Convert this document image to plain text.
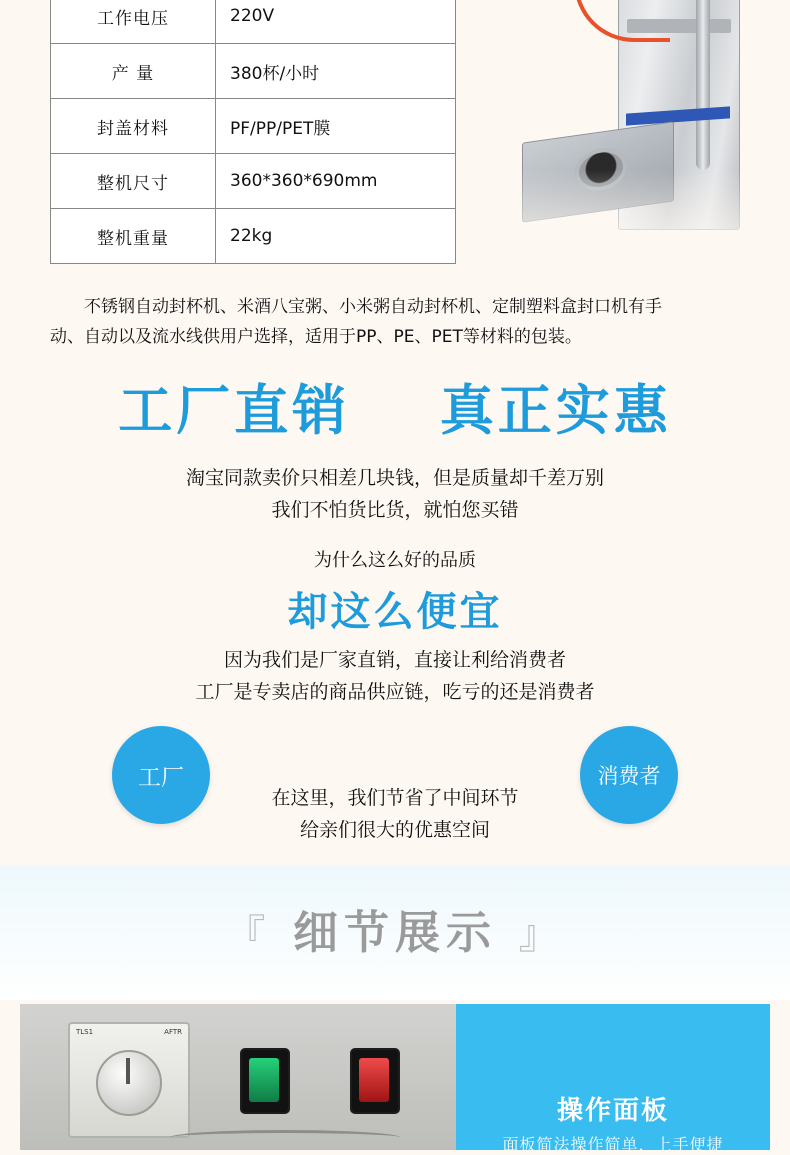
工作电压	220V
产 量	380杯/小时
封盖材料	PF/PP/PET膜
整机尺寸	360*360*690mm
整机重量	22kg
不锈钢自动封杯机、米酒八宝粥、小米粥自动封杯机、定制塑料盒封口机有手
动、自动以及流水线供用户选择，适用于PP、PE、PET等材料的包装。
工厂直销 真正实惠
淘宝同款卖价只相差几块钱，但是质量却千差万别
我们不怕货比货，就怕您买错
为什么这么好的品质
却这么便宜
因为我们是厂家直销，直接让利给消费者
工厂是专卖店的商品供应链，吃亏的还是消费者
工厂	消费者
在这里，我们节省了中间环节
给亲们很大的优惠空间
『 细节展示 』
TLS1	AFTR
操作面板
面板简法操作简单，上手便捷
